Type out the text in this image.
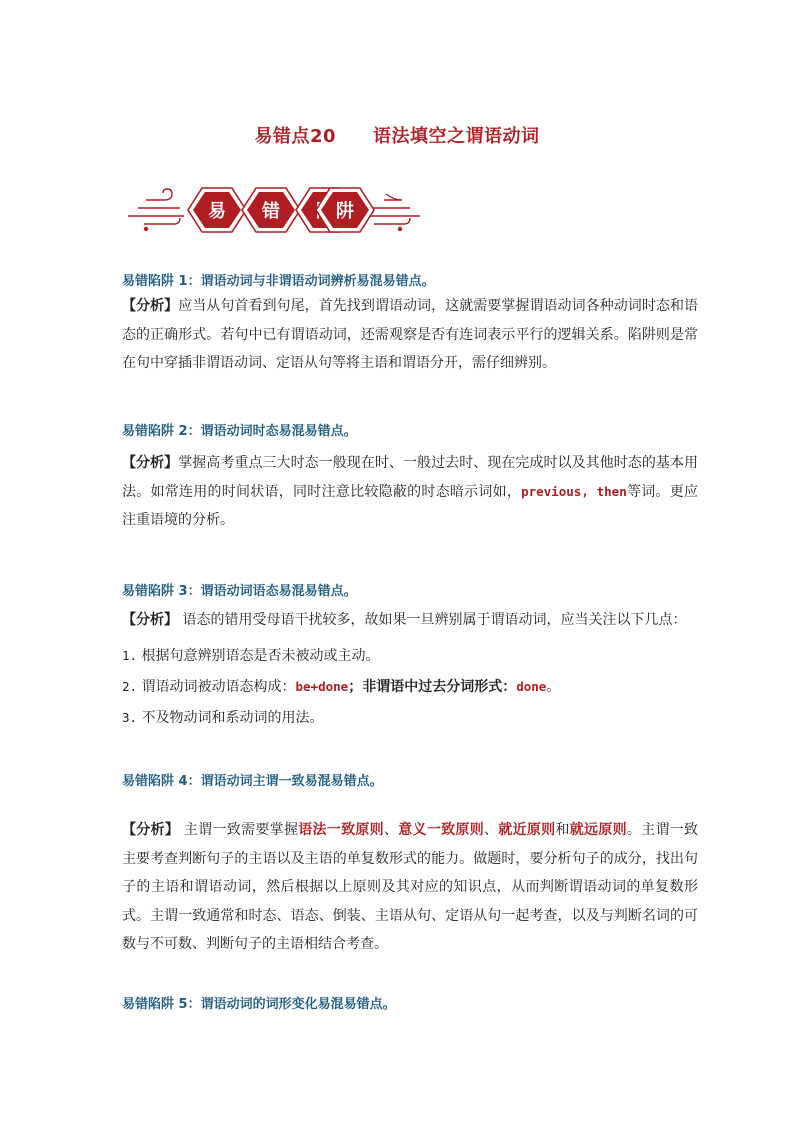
易错点20　　语法填空之谓语动词
易 错	阱
易错陷阱 1：谓语动词与非谓语动词辨析易混易错点。

【分析】应当从句首看到句尾，首先找到谓语动词，这就需要掌握谓语动词各种动词时态和语态的正确形式。若句中已有谓语动词，还需观察是否有连词表示平行的逻辑关系。陷阱则是常在句中穿插非谓语动词、定语从句等将主语和谓语分开，需仔细辨别。

易错陷阱 2：谓语动词时态易混易错点。

【分析】掌握高考重点三大时态一般现在时、一般过去时、现在完成时以及其他时态的基本用法。如常连用的时间状语，同时注意比较隐蔽的时态暗示词如，previous, then等词。更应注重语境的分析。

易错陷阱 3：谓语动词语态易混易错点。

【分析】 语态的错用受母语干扰较多，故如果一旦辨别属于谓语动词，应当关注以下几点：

1. 根据句意辨别语态是否未被动或主动。
2. 谓语动词被动语态构成：be+done；非谓语中过去分词形式：done。
3. 不及物动词和系动词的用法。
易错陷阱 4：谓语动词主谓一致易混易错点。

【分析】 主谓一致需要掌握语法一致原则、意义一致原则、就近原则和就远原则。主谓一致主要考查判断句子的主语以及主语的单复数形式的能力。做题时，要分析句子的成分，找出句子的主语和谓语动词，然后根据以上原则及其对应的知识点，从而判断谓语动词的单复数形式。主谓一致通常和时态、语态、倒装、主语从句、定语从句一起考查，以及与判断名词的可数与不可数、判断句子的主语相结合考查。

易错陷阱 5：谓语动词的词形变化易混易错点。
